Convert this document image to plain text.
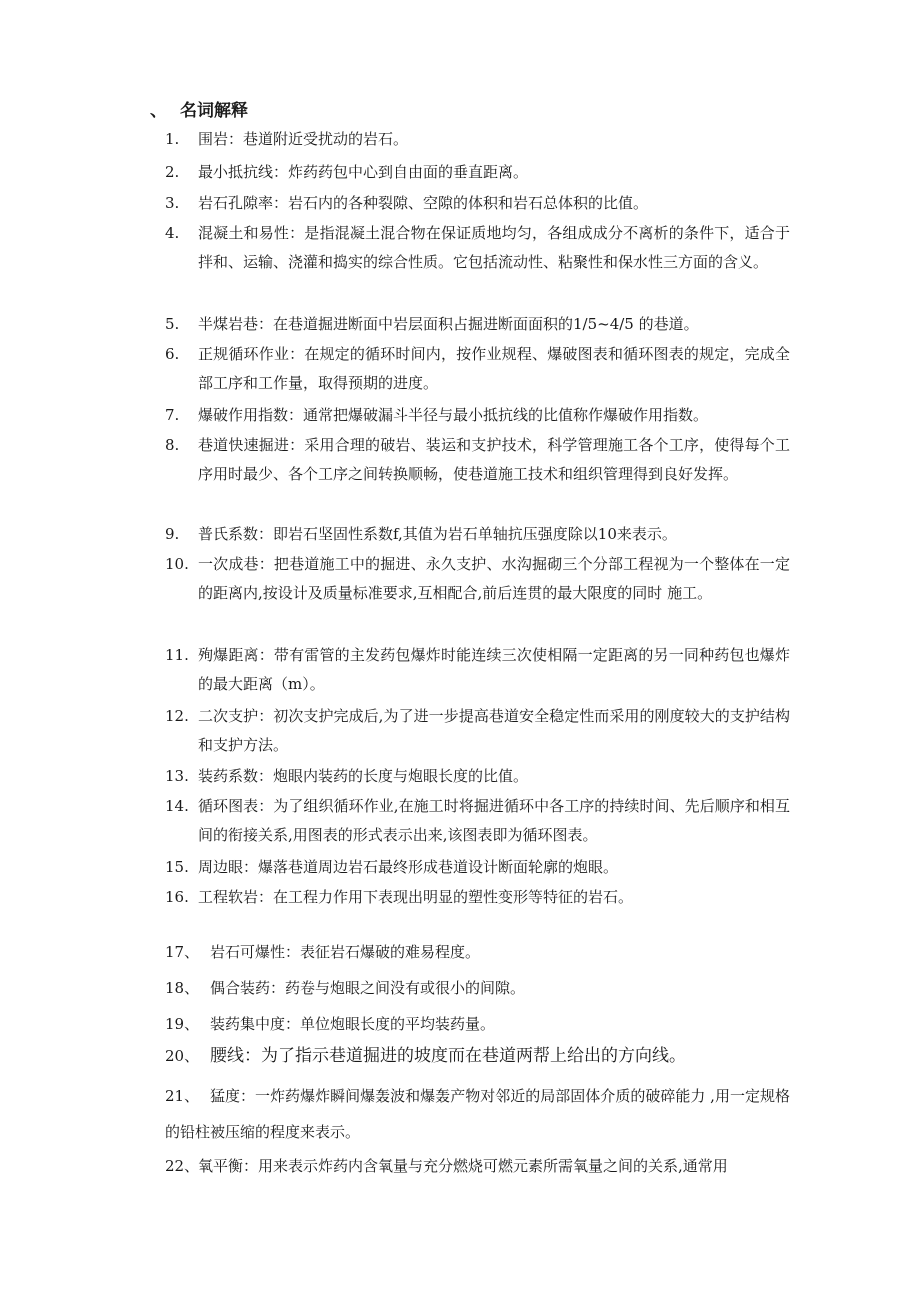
、 名词解释
1. 围岩：巷道附近受扰动的岩石。
2. 最小抵抗线：炸药药包中心到自由面的垂直距离。
3. 岩石孔隙率：岩石内的各种裂隙、空隙的体积和岩石总体积的比值。
4. 混凝土和易性：是指混凝土混合物在保证质地均匀，各组成成分不离析的条件下，适合于拌和、运输、浇灌和捣实的综合性质。它包括流动性、粘聚性和保水性三方面的含义。
5. 半煤岩巷：在巷道掘进断面中岩层面积占掘进断面面积的1/5~4/5 的巷道。
6. 正规循环作业：在规定的循环时间内，按作业规程、爆破图表和循环图表的规定，完成全部工序和工作量，取得预期的进度。
7. 爆破作用指数：通常把爆破漏斗半径与最小抵抗线的比值称作爆破作用指数。
8. 巷道快速掘进：采用合理的破岩、装运和支护技术，科学管理施工各个工序，使得每个工序用时最少、各个工序之间转换顺畅，使巷道施工技术和组织管理得到良好发挥。
9. 普氏系数：即岩石坚固性系数f,其值为岩石单轴抗压强度除以10来表示。
10. 一次成巷：把巷道施工中的掘进、永久支护、水沟掘砌三个分部工程视为一个整体在一定的距离内,按设计及质量标准要求,互相配合,前后连贯的最大限度的同时 施工。
11. 殉爆距离：带有雷管的主发药包爆炸时能连续三次使相隔一定距离的另一同种药包也爆炸的最大距离（m）。
12. 二次支护：初次支护完成后,为了进一步提高巷道安全稳定性而采用的刚度较大的支护结构和支护方法。
13. 装药系数：炮眼内装药的长度与炮眼长度的比值。
14. 循环图表：为了组织循环作业,在施工时将掘进循环中各工序的持续时间、先后顺序和相互间的衔接关系,用图表的形式表示出来,该图表即为循环图表。
15. 周边眼：爆落巷道周边岩石最终形成巷道设计断面轮廓的炮眼。
16. 工程软岩：在工程力作用下表现出明显的塑性变形等特征的岩石。
17、 岩石可爆性：表征岩石爆破的难易程度。
18、 偶合装药：药卷与炮眼之间没有或很小的间隙。
19、 装药集中度：单位炮眼长度的平均装药量。
20、 腰线：为了指示巷道掘进的坡度而在巷道两帮上给出的方向线。
21、 猛度：一炸药爆炸瞬间爆轰波和爆轰产物对邻近的局部固体介质的破碎能力 ,用一定规格的铅柱被压缩的程度来表示。
22、
氧平衡：用来表示炸药内含氧量与充分燃烧可燃元素所需氧量之间的关系,通常用
